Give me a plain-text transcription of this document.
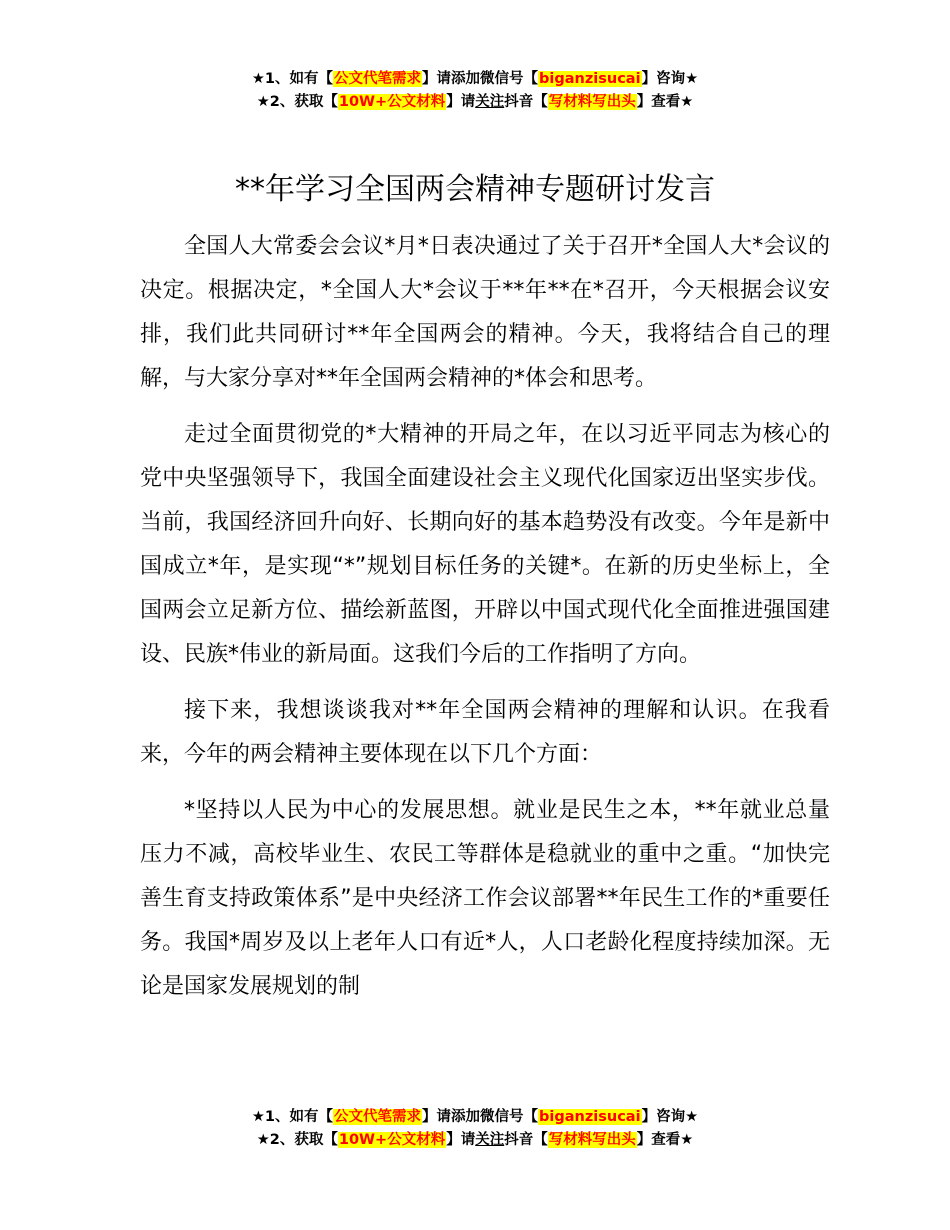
★1、如有【公文代笔需求】请添加微信号【biganzisucai】咨询★
★2、获取【10W+公文材料】请关注抖音【写材料写出头】查看★
**年学习全国两会精神专题研讨发言

全国人大常委会会议*月*日表决通过了关于召开*全国人大*会议的决定。根据决定，*全国人大*会议于**年**在*召开，今天根据会议安排，我们此共同研讨**年全国两会的精神。今天，我将结合自己的理解，与大家分享对**年全国两会精神的*体会和思考。

走过全面贯彻党的*大精神的开局之年，在以习近平同志为核心的党中央坚强领导下，我国全面建设社会主义现代化国家迈出坚实步伐。当前，我国经济回升向好、长期向好的基本趋势没有改变。今年是新中国成立*年，是实现“*”规划目标任务的关键*。在新的历史坐标上，全国两会立足新方位、描绘新蓝图，开辟以中国式现代化全面推进强国建设、民族*伟业的新局面。这我们今后的工作指明了方向。

接下来，我想谈谈我对**年全国两会精神的理解和认识。在我看来，今年的两会精神主要体现在以下几个方面：

*坚持以人民为中心的发展思想。就业是民生之本，**年就业总量压力不减，高校毕业生、农民工等群体是稳就业的重中之重。“加快完善生育支持政策体系”是中央经济工作会议部署**年民生工作的*重要任务。我国*周岁及以上老年人口有近*人，人口老龄化程度持续加深。无论是国家发展规划的制

★1、如有【公文代笔需求】请添加微信号【biganzisucai】咨询★
★2、获取【10W+公文材料】请关注抖音【写材料写出头】查看★
